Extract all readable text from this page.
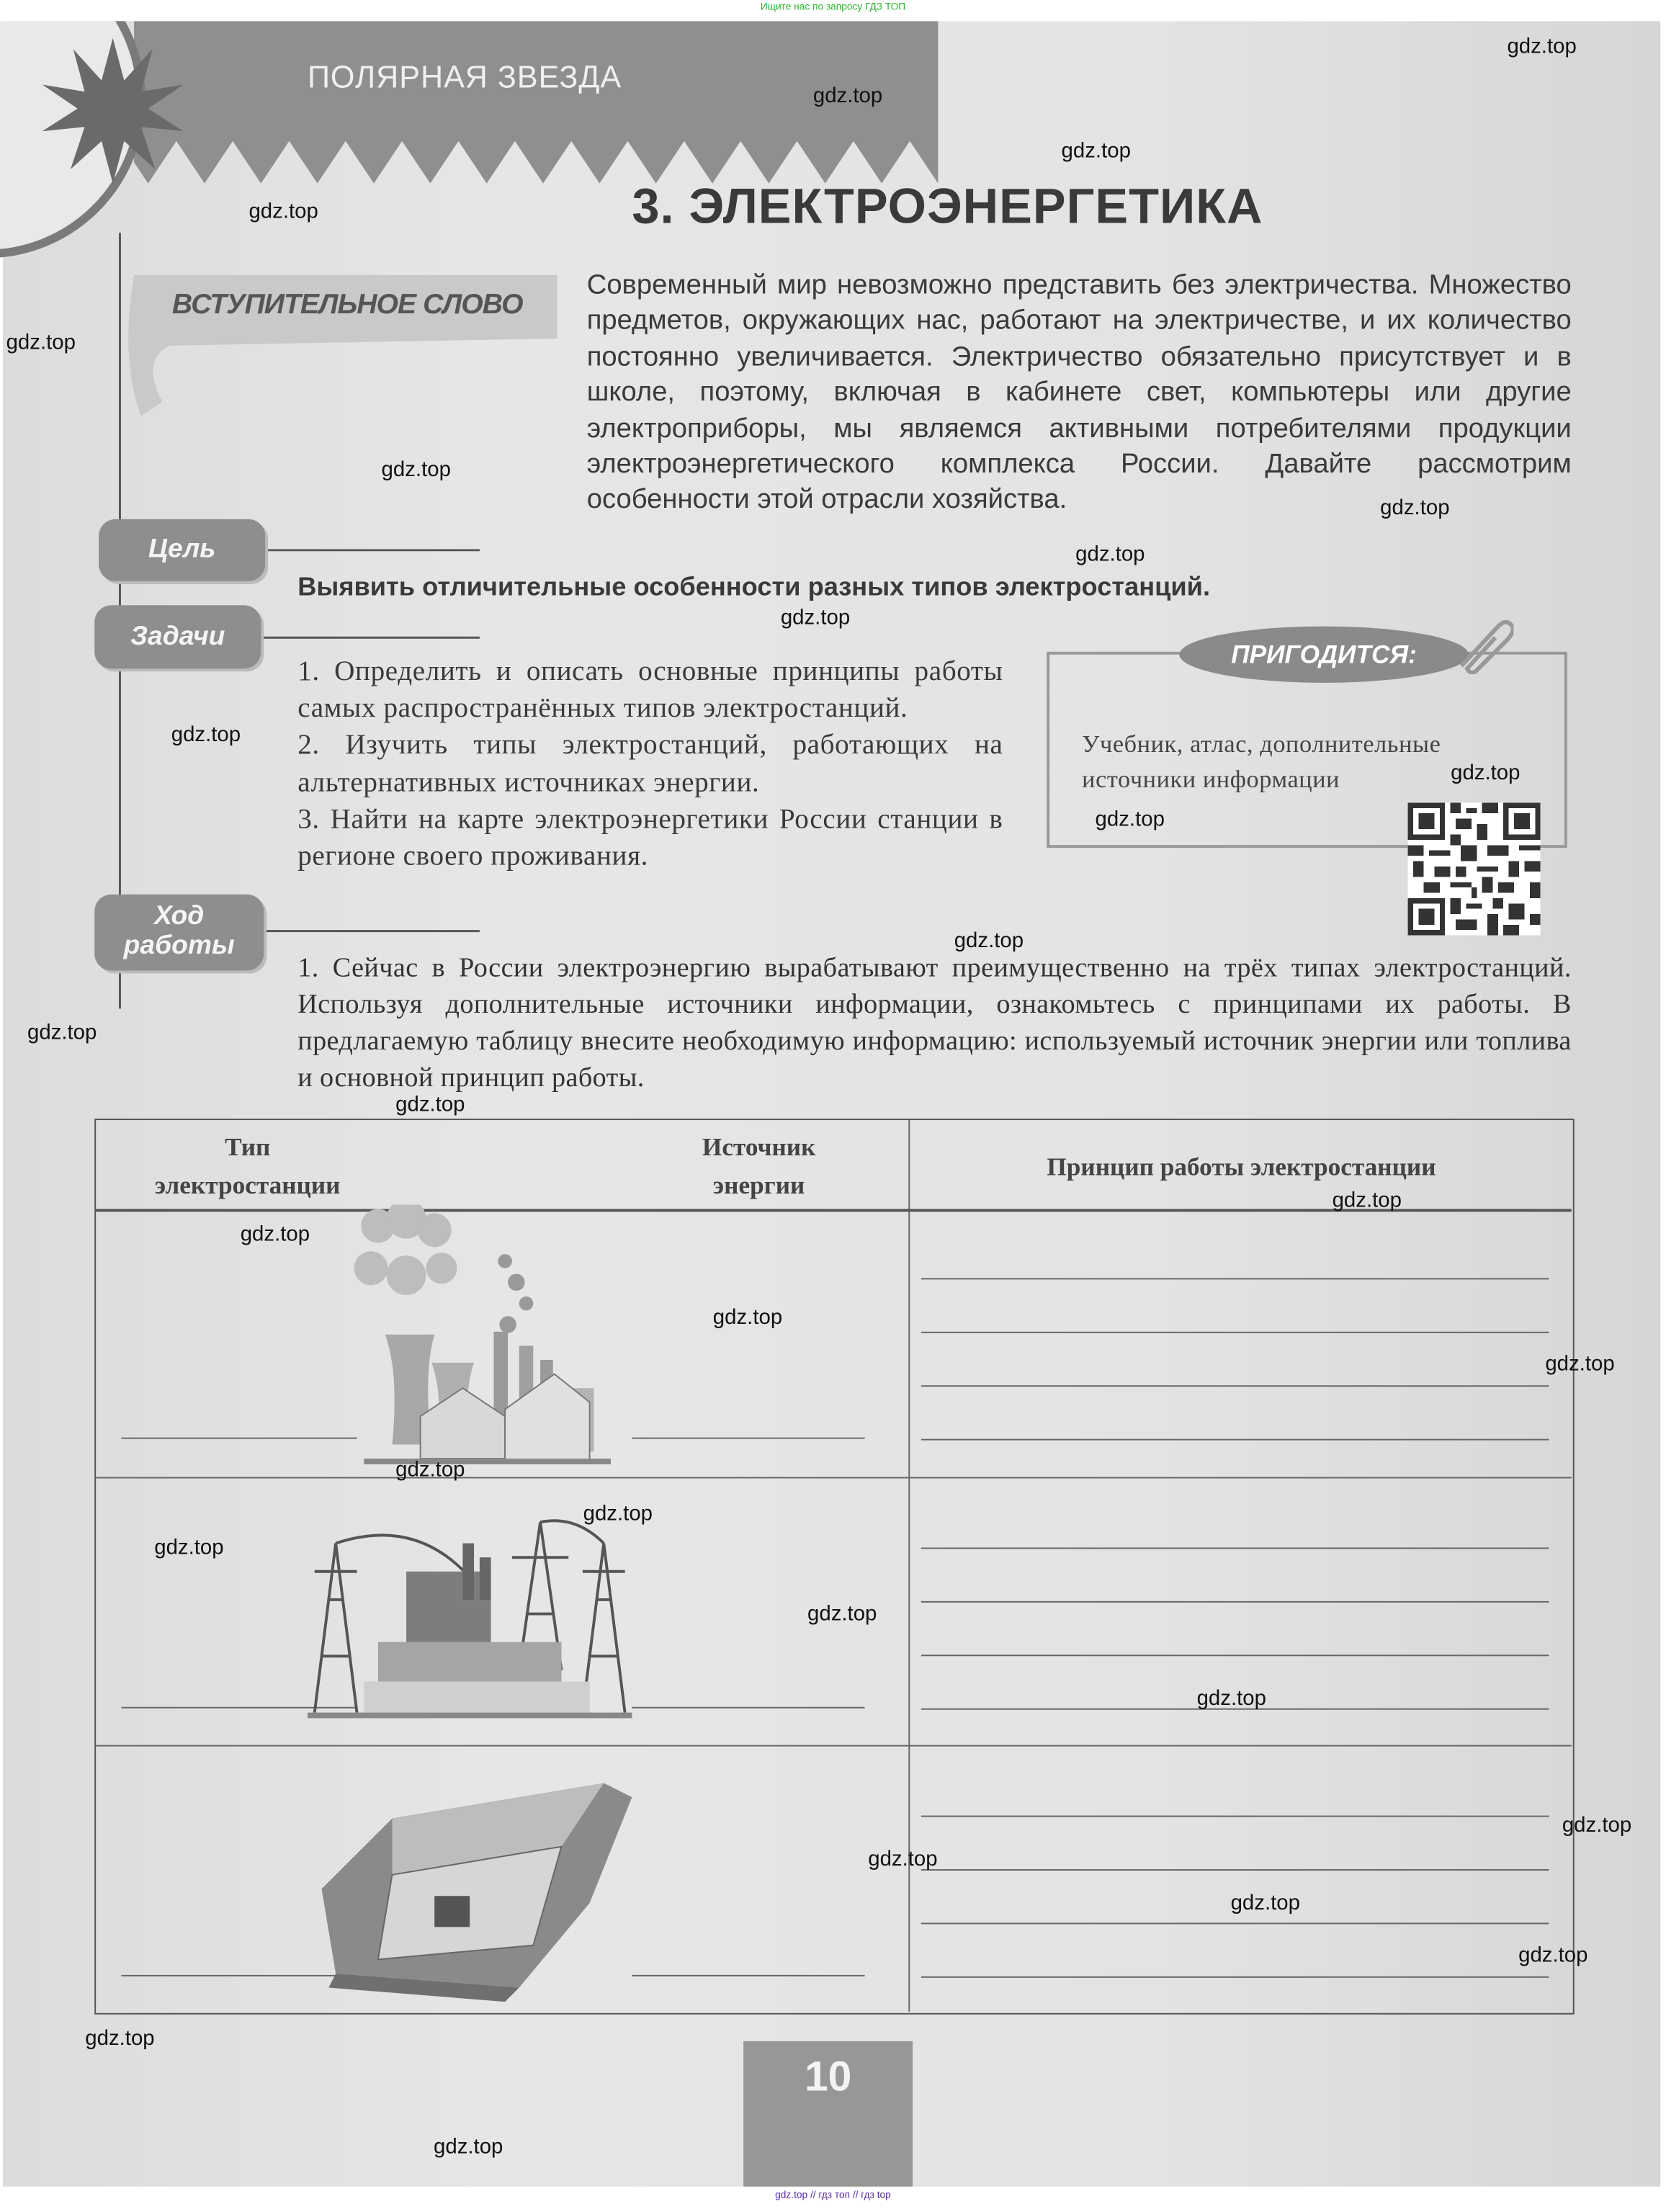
Ищите нас по запросу ГДЗ ТОП
ПОЛЯРНАЯ ЗВЕЗДА
3. ЭЛЕКТРОЭНЕРГЕТИКА
ВСТУПИТЕЛЬНОЕ СЛОВО
Современный мир невозможно представить без электричества. Множество предметов, окружающих нас, работают на электричестве, и их количество постоянно увеличивается. Электричество обязательно присутствует и в школе, поэтому, включая в кабинете свет, компьютеры или другие электроприборы, мы являемся активными потребителями продукции электроэнергетического комплекса России. Давайте рассмотрим особенности этой отрасли хозяйства.
Цель
Выявить отличительные особенности разных типов электростанций.
Задачи

1. Определить и описать основные принципы работы самых распространённых типов электростанций.

2. Изучить типы электростанций, работающих на альтернативных источниках энергии.

3. Найти на карте электроэнергетики России станции в регионе своего проживания.

ПРИГОДИТСЯ:
Учебник, атлас, дополнительные источники информации
Ход
работы
1. Сейчас в России электроэнергию вырабатывают преимущественно на трёх типах электростанций. Используя дополнительные источники информации, ознакомьтесь с принципами их работы. В предлагаемую таблицу внесите необходимую информацию: используемый источник энергии или топлива и основной принцип работы.
Тип
электростанции
Источник
энергии
Принцип работы электростанции
10
gdz.top
gdz.top
gdz.top
gdz.top
gdz.top
gdz.top
gdz.top
gdz.top
gdz.top
gdz.top
gdz.top
gdz.top
gdz.top
gdz.top
gdz.top
gdz.top
gdz.top
gdz.top
gdz.top
gdz.top
gdz.top
gdz.top
gdz.top
gdz.top
gdz.top
gdz.top
gdz.top
gdz.top
gdz.top
gdz.top
gdz.top // гдз топ // гдз top
